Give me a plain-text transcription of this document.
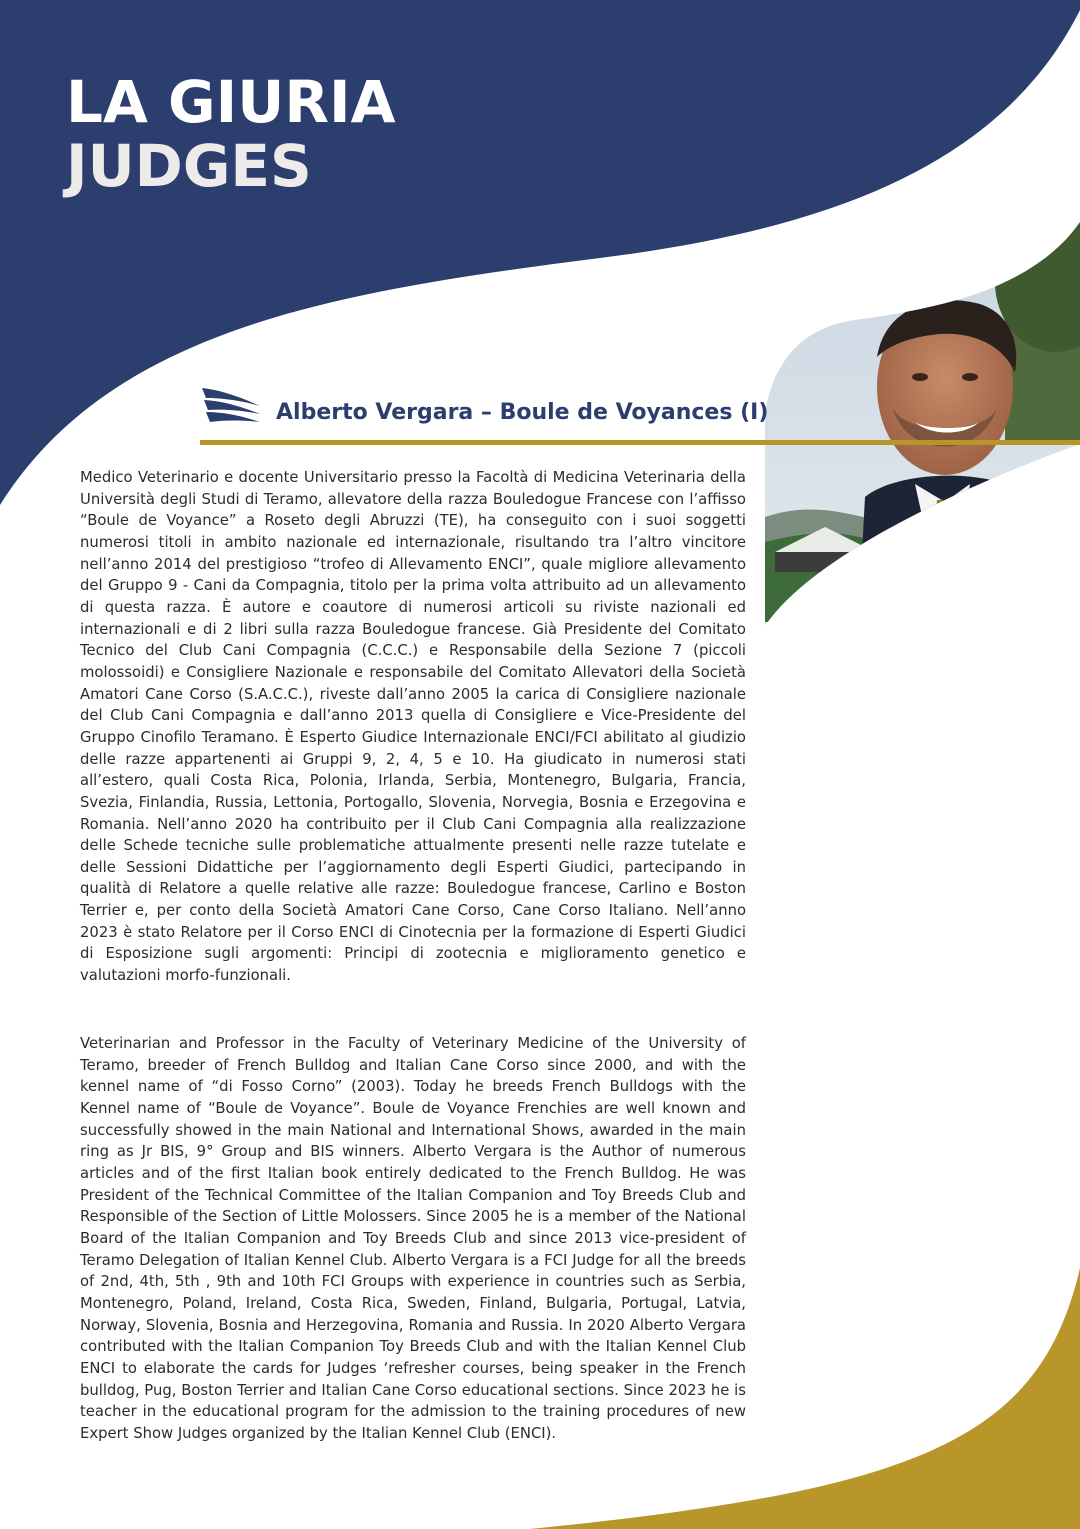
LA GIURIA
JUDGES
Alberto Vergara – Boule de Voyances (I)

Medico Veterinario e docente Universitario presso la Facoltà di Medicina Veterinaria della Università degli Studi di Teramo, allevatore della razza Bouledogue Francese con l’affisso “Boule de Voyance” a Roseto degli Abruzzi (TE), ha conseguito con i suoi soggetti numerosi titoli in ambito nazionale ed internazionale, risultando tra l’altro vincitore nell’anno 2014 del prestigioso “trofeo di Allevamento ENCI”, quale migliore allevamento del Gruppo 9 - Cani da Compagnia, titolo per la prima volta attribuito ad un allevamento di questa razza. È autore e coautore di numerosi articoli su riviste nazionali ed internazionali e di 2 libri sulla razza Bouledogue francese. Già Presidente del Comitato Tecnico del Club Cani Compagnia (C.C.C.) e Responsabile della Sezione 7 (piccoli molossoidi) e Consigliere Nazionale e responsabile del Comitato Allevatori della Società Amatori Cane Corso (S.A.C.C.), riveste dall’anno 2005 la carica di Consigliere nazionale del Club Cani Compagnia e dall’anno 2013 quella di Consigliere e Vice-Presidente del Gruppo Cinofilo Teramano. È Esperto Giudice Internazionale ENCI/FCI abilitato al giudizio delle razze appartenenti ai Gruppi 9, 2, 4, 5 e 10. Ha giudicato in numerosi stati all’estero, quali Costa Rica, Polonia, Irlanda, Serbia, Montenegro, Bulgaria, Francia, Svezia, Finlandia, Russia, Lettonia, Portogallo, Slovenia, Norvegia, Bosnia e Erzegovina e Romania. Nell’anno 2020 ha contribuito per il Club Cani Compagnia alla realizzazione delle Schede tecniche sulle problematiche attualmente presenti nelle razze tutelate e delle Sessioni Didattiche per l’aggiornamento degli Esperti Giudici, partecipando in qualità di Relatore a quelle relative alle razze: Bouledogue francese, Carlino e Boston Terrier e, per conto della Società Amatori Cane Corso, Cane Corso Italiano. Nell’anno 2023 è stato Relatore per il Corso ENCI di Cinotecnia per la formazione di Esperti Giudici di Esposizione sugli argomenti: Principi di zootecnia e miglioramento genetico e valutazioni morfo-funzionali.

Veterinarian and Professor in the Faculty of Veterinary Medicine of the University of Teramo, breeder of French Bulldog and Italian Cane Corso since 2000, and with the kennel name of “di Fosso Corno” (2003). Today he breeds French Bulldogs with the Kennel name of “Boule de Voyance”. Boule de Voyance Frenchies are well known and successfully showed in the main National and International Shows, awarded in the main ring as Jr BIS, 9° Group and BIS winners. Alberto Vergara is the Author of numerous articles and of the first Italian book entirely dedicated to the French Bulldog. He was President of the Technical Committee of the Italian Companion and Toy Breeds Club and Responsible of the Section of Little Molossers. Since 2005 he is a member of the National Board of the Italian Companion and Toy Breeds Club and since 2013 vice-president of Teramo Delegation of Italian Kennel Club. Alberto Vergara is a FCI Judge for all the breeds of 2nd, 4th, 5th , 9th and 10th FCI Groups with experience in countries such as Serbia, Montenegro, Poland, Ireland, Costa Rica, Sweden, Finland, Bulgaria, Portugal, Latvia, Norway, Slovenia, Bosnia and Herzegovina, Romania and Russia. In 2020 Alberto Vergara contributed with the Italian Companion Toy Breeds Club and with the Italian Kennel Club ENCI to elaborate the cards for Judges ‘refresher courses, being speaker in the French bulldog, Pug, Boston Terrier and Italian Cane Corso educational sections. Since 2023 he is teacher in the educational program for the admission to the training procedures of new Expert Show Judges organized by the Italian Kennel Club (ENCI).
